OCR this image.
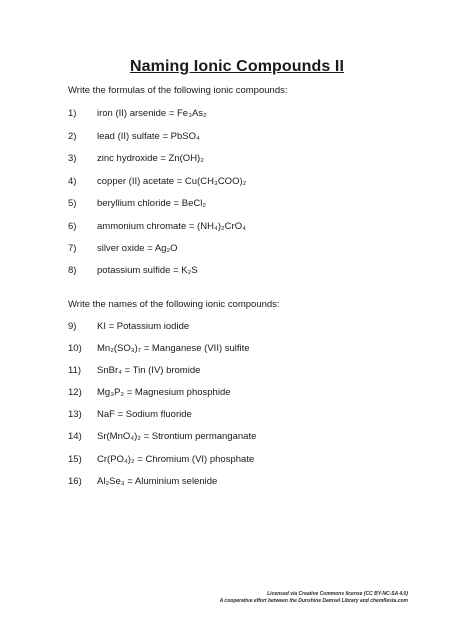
Naming Ionic Compounds II
Write the formulas of the following ionic compounds:
1) iron (II) arsenide = Fe₃As₂
2) lead (II) sulfate = PbSO₄
3) zinc hydroxide = Zn(OH)₂
4) copper (II) acetate = Cu(CH₃COO)₂
5) beryllium chloride = BeCl₂
6) ammonium chromate = (NH₄)₂CrO₄
7) silver oxide = Ag₂O
8) potassium sulfide = K₂S
Write the names of the following ionic compounds:
9) KI = Potassium iodide
10) Mn₂(SO₃)₇ = Manganese (VII) sulfite
11) SnBr₄ = Tin (IV) bromide
12) Mg₃P₂ = Magnesium phosphide
13) NaF = Sodium fluoride
14) Sr(MnO₄)₂ = Strontium permanganate
15) Cr(PO₄)₂ = Chromium (VI) phosphate
16) Al₂Se₃ = Aluminium selenide
Licensed via Creative Commons license (CC BY-NC-SA 4.0)
A cooperative effort between the Dunshine Damsel Library and chemfiesta.com
